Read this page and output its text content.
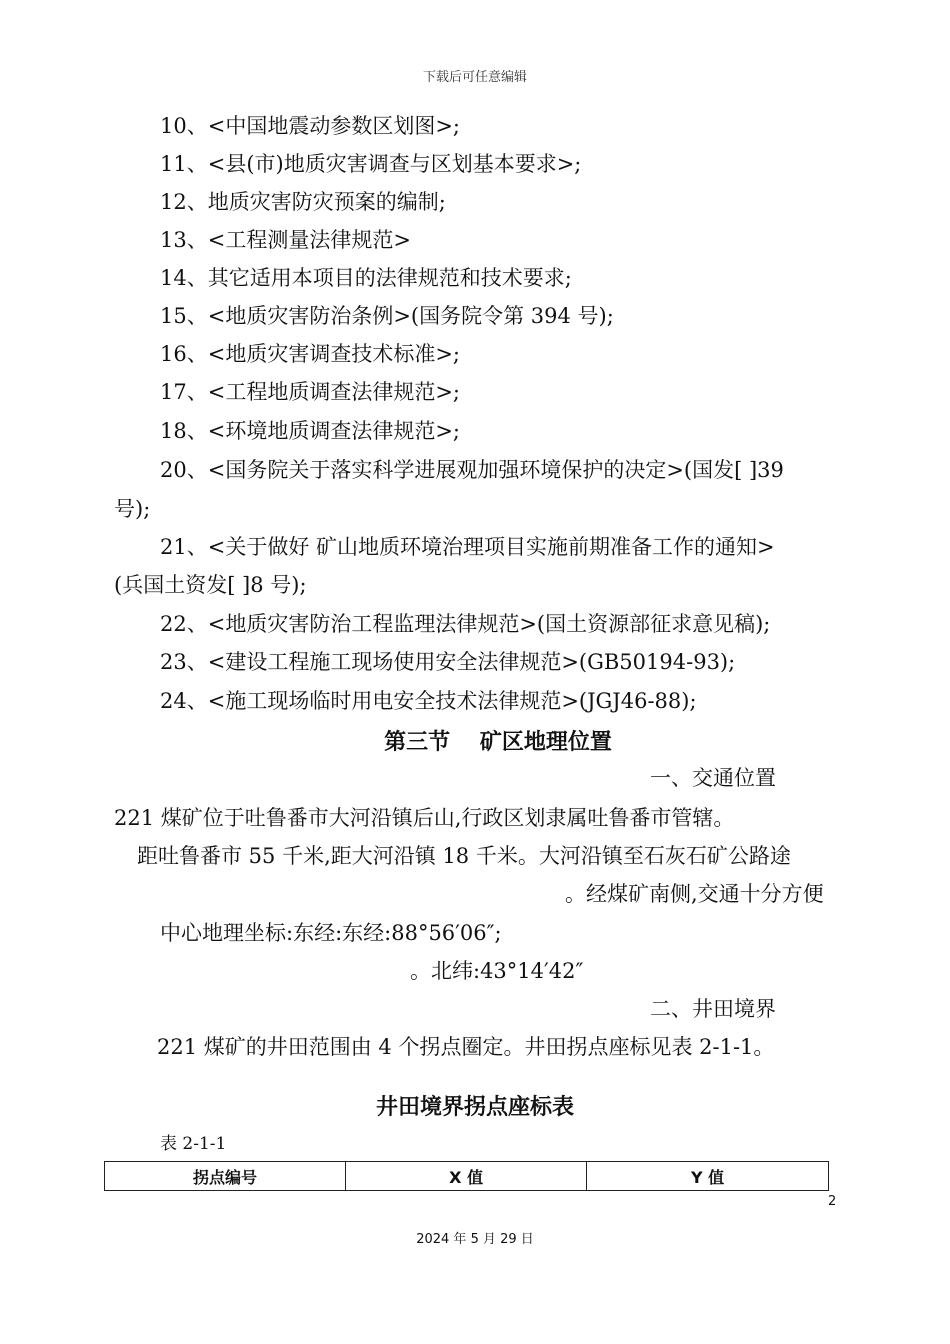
下载后可任意编辑
10、<中国地震动参数区划图>;
11、<县(市)地质灾害调查与区划基本要求>;
12、地质灾害防灾预案的编制;
13、<工程测量法律规范>
14、其它适用本项目的法律规范和技术要求;
15、<地质灾害防治条例>(国务院令第 394 号);
16、<地质灾害调查技术标准>;
17、<工程地质调查法律规范>;
18、<环境地质调查法律规范>;
20、<国务院关于落实科学进展观加强环境保护的决定>(国发[ ]39
号);
21、<关于做好 矿山地质环境治理项目实施前期准备工作的通知>
(兵国土资发[ ]8 号);
22、<地质灾害防治工程监理法律规范>(国土资源部征求意见稿);
23、<建设工程施工现场使用安全法律规范>(GB50194-93);
24、<施工现场临时用电安全技术法律规范>(JGJ46-88);
第三节　 矿区地理位置
一、交通位置
221 煤矿位于吐鲁番市大河沿镇后山,行政区划隶属吐鲁番市管辖。
距吐鲁番市 55 千米,距大河沿镇 18 千米。大河沿镇至石灰石矿公路途
。经煤矿南侧,交通十分方便
中心地理坐标:东经:东经:88°56′06″;
。北纬:43°14′42″
二、井田境界
221 煤矿的井田范围由 4 个拐点圈定。井田拐点座标见表 2-1-1。
井田境界拐点座标表
表 2-1-1
拐点编号	X 值	Y 值
2
2024 年 5 月 29 日
